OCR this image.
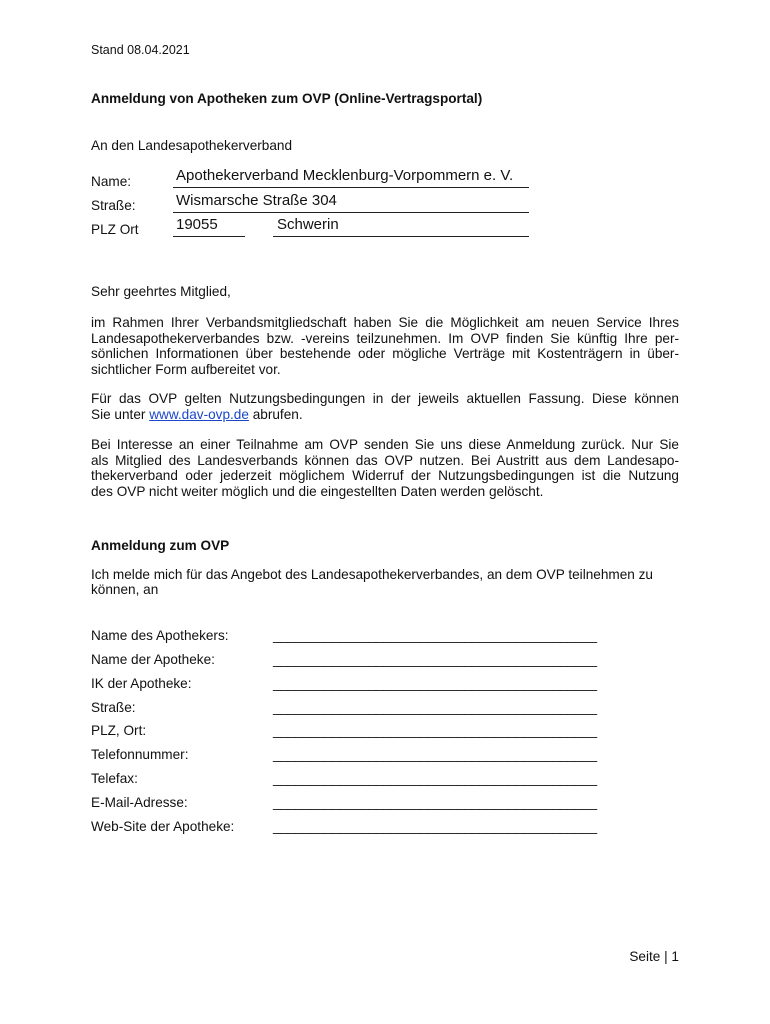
Stand 08.04.2021
Anmeldung von Apotheken zum OVP (Online-Vertragsportal)
An den Landesapothekerverband
Name:	Apothekerverband Mecklenburg-Vorpommern e. V.
Straße:	Wismarsche Straße 304
PLZ Ort 19055	Schwerin
Sehr geehrtes Mitglied,
im Rahmen Ihrer Verbandsmitgliedschaft haben Sie die Möglichkeit am neuen Service Ihres
Landesapothekerverbandes bzw. -vereins teilzunehmen. Im OVP finden Sie künftig Ihre per-
sönlichen Informationen über bestehende oder mögliche Verträge mit Kostenträgern in über-
sichtlicher Form aufbereitet vor.
Für das OVP gelten Nutzungsbedingungen in der jeweils aktuellen Fassung. Diese können
Sie unter www.dav-ovp.de abrufen.
Bei Interesse an einer Teilnahme am OVP senden Sie uns diese Anmeldung zurück. Nur Sie
als Mitglied des Landesverbands können das OVP nutzen. Bei Austritt aus dem Landesapo-
thekerverband oder jederzeit möglichem Widerruf der Nutzungsbedingungen ist die Nutzung
des OVP nicht weiter möglich und die eingestellten Daten werden gelöscht.
Anmeldung zum OVP
Ich melde mich für das Angebot des Landesapothekerverbandes, an dem OVP teilnehmen zu
können, an
Name des Apothekers:	____________________________________________
Name der Apotheke:	____________________________________________
IK der Apotheke:	____________________________________________
Straße:	____________________________________________
PLZ, Ort:	____________________________________________
Telefonnummer:	____________________________________________
Telefax:	____________________________________________
E-Mail-Adresse:	____________________________________________
Web-Site der Apotheke:	____________________________________________
Seite | 1
